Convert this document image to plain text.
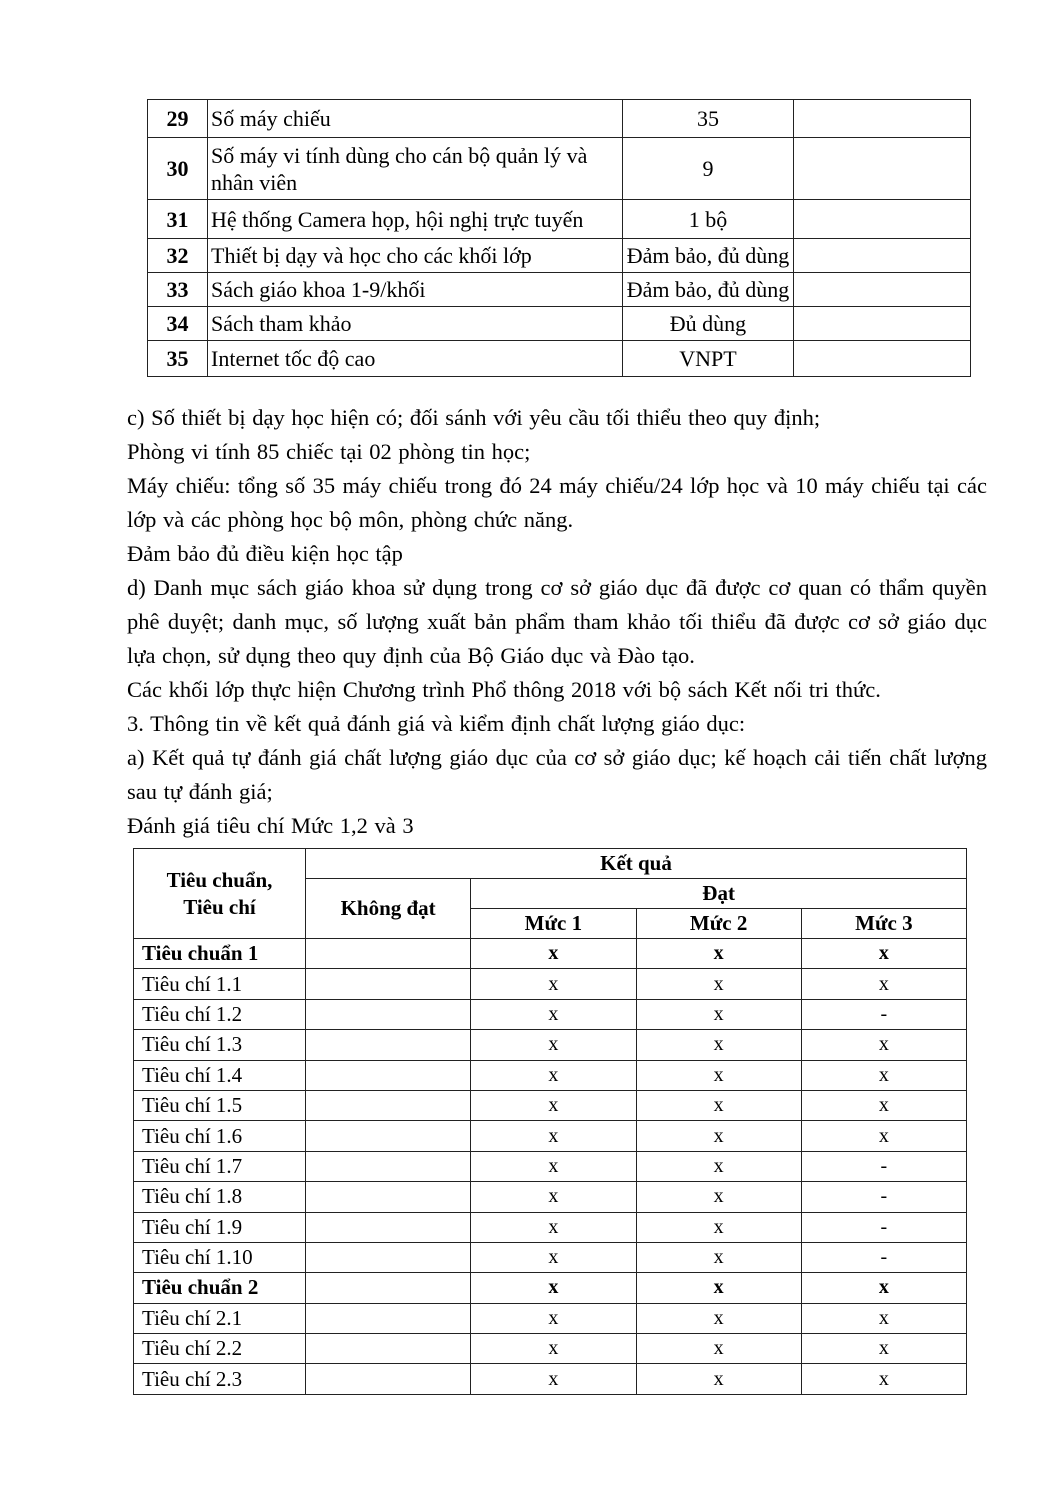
29	Số máy chiếu	35	
30	Số máy vi tính dùng cho cán bộ quản lý và nhân viên	9	
31	Hệ thống Camera họp, hội nghị trực tuyến	1 bộ	
32	Thiết bị dạy và học cho các khối lớp	Đảm bảo, đủ dùng	
33	Sách giáo khoa 1-9/khối	Đảm bảo, đủ dùng	
34	Sách tham khảo	Đủ dùng	
35	Internet tốc độ cao	VNPT	

c) Số thiết bị dạy học hiện có; đối sánh với yêu cầu tối thiểu theo quy định;

Phòng vi tính 85 chiếc tại 02 phòng tin học;

Máy chiếu: tổng số 35 máy chiếu trong đó 24 máy chiếu/24 lớp học và 10 máy chiếu tại các lớp và các phòng học bộ môn, phòng chức năng.

Đảm bảo đủ điều kiện học tập

d) Danh mục sách giáo khoa sử dụng trong cơ sở giáo dục đã được cơ quan có thẩm quyền phê duyệt; danh mục, số lượng xuất bản phẩm tham khảo tối thiểu đã được cơ sở giáo dục lựa chọn, sử dụng theo quy định của Bộ Giáo dục và Đào tạo.

Các khối lớp thực hiện Chương trình Phổ thông 2018 với bộ sách Kết nối tri thức.

3. Thông tin về kết quả đánh giá và kiểm định chất lượng giáo dục:

a) Kết quả tự đánh giá chất lượng giáo dục của cơ sở giáo dục; kế hoạch cải tiến chất lượng sau tự đánh giá;

Đánh giá tiêu chí Mức 1,2 và 3

Tiêu chuẩn,
Tiêu chí	Kết quả			
	Không đạt	Đạt		
		Mức 1	Mức 2	Mức 3
Tiêu chuẩn 1		x	x	x
Tiêu chí 1.1		x	x	x
Tiêu chí 1.2		x	x	-
Tiêu chí 1.3		x	x	x
Tiêu chí 1.4		x	x	x
Tiêu chí 1.5		x	x	x
Tiêu chí 1.6		x	x	x
Tiêu chí 1.7		x	x	-
Tiêu chí 1.8		x	x	-
Tiêu chí 1.9		x	x	-
Tiêu chí 1.10		x	x	-
Tiêu chuẩn 2		x	x	x
Tiêu chí 2.1		x	x	x
Tiêu chí 2.2		x	x	x
Tiêu chí 2.3		x	x	x
